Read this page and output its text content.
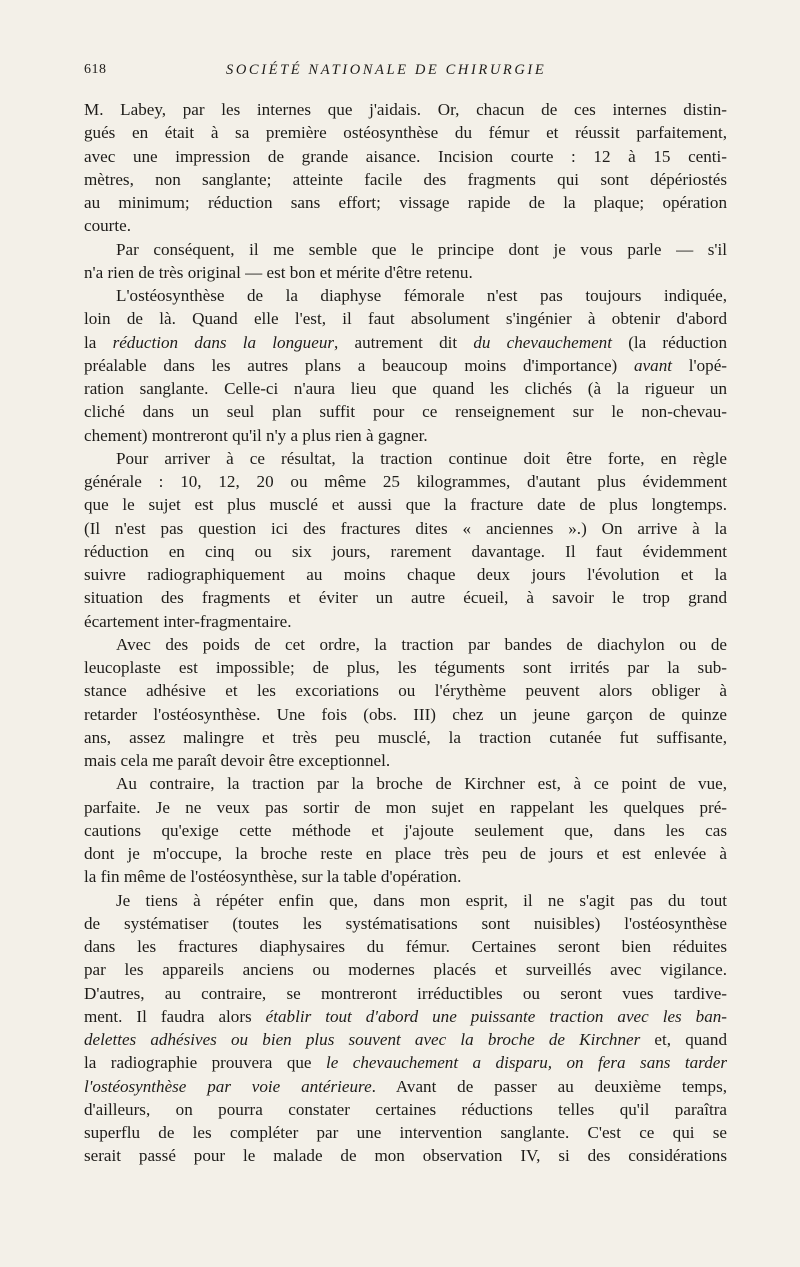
618	SOCIÉTÉ NATIONALE DE CHIRURGIE
M. Labey, par les internes que j'aidais. Or, chacun de ces internes distin-
gués en était à sa première ostéosynthèse du fémur et réussit parfaitement,
avec une impression de grande aisance. Incision courte : 12 à 15 centi-
mètres, non sanglante; atteinte facile des fragments qui sont dépériostés
au minimum; réduction sans effort; vissage rapide de la plaque; opération
courte.
Par conséquent, il me semble que le principe dont je vous parle — s'il
n'a rien de très original — est bon et mérite d'être retenu.
L'ostéosynthèse de la diaphyse fémorale n'est pas toujours indiquée,
loin de là. Quand elle l'est, il faut absolument s'ingénier à obtenir d'abord
la réduction dans la longueur, autrement dit du chevauchement (la réduction
préalable dans les autres plans a beaucoup moins d'importance) avant l'opé-
ration sanglante. Celle-ci n'aura lieu que quand les clichés (à la rigueur un
cliché dans un seul plan suffit pour ce renseignement sur le non-chevau-
chement) montreront qu'il n'y a plus rien à gagner.
Pour arriver à ce résultat, la traction continue doit être forte, en règle
générale : 10, 12, 20 ou même 25 kilogrammes, d'autant plus évidemment
que le sujet est plus musclé et aussi que la fracture date de plus longtemps.
(Il n'est pas question ici des fractures dites « anciennes ».) On arrive à la
réduction en cinq ou six jours, rarement davantage. Il faut évidemment
suivre radiographiquement au moins chaque deux jours l'évolution et la
situation des fragments et éviter un autre écueil, à savoir le trop grand
écartement inter-fragmentaire.
Avec des poids de cet ordre, la traction par bandes de diachylon ou de
leucoplaste est impossible; de plus, les téguments sont irrités par la sub-
stance adhésive et les excoriations ou l'érythème peuvent alors obliger à
retarder l'ostéosynthèse. Une fois (obs. III) chez un jeune garçon de quinze
ans, assez malingre et très peu musclé, la traction cutanée fut suffisante,
mais cela me paraît devoir être exceptionnel.
Au contraire, la traction par la broche de Kirchner est, à ce point de vue,
parfaite. Je ne veux pas sortir de mon sujet en rappelant les quelques pré-
cautions qu'exige cette méthode et j'ajoute seulement que, dans les cas
dont je m'occupe, la broche reste en place très peu de jours et est enlevée à
la fin même de l'ostéosynthèse, sur la table d'opération.
Je tiens à répéter enfin que, dans mon esprit, il ne s'agit pas du tout
de systématiser (toutes les systématisations sont nuisibles) l'ostéosynthèse
dans les fractures diaphysaires du fémur. Certaines seront bien réduites
par les appareils anciens ou modernes placés et surveillés avec vigilance.
D'autres, au contraire, se montreront irréductibles ou seront vues tardive-
ment. Il faudra alors établir tout d'abord une puissante traction avec les ban-
delettes adhésives ou bien plus souvent avec la broche de Kirchner et, quand
la radiographie prouvera que le chevauchement a disparu, on fera sans tarder
l'ostéosynthèse par voie antérieure. Avant de passer au deuxième temps,
d'ailleurs, on pourra constater certaines réductions telles qu'il paraîtra
superflu de les compléter par une intervention sanglante. C'est ce qui se
serait passé pour le malade de mon observation IV, si des considérations
